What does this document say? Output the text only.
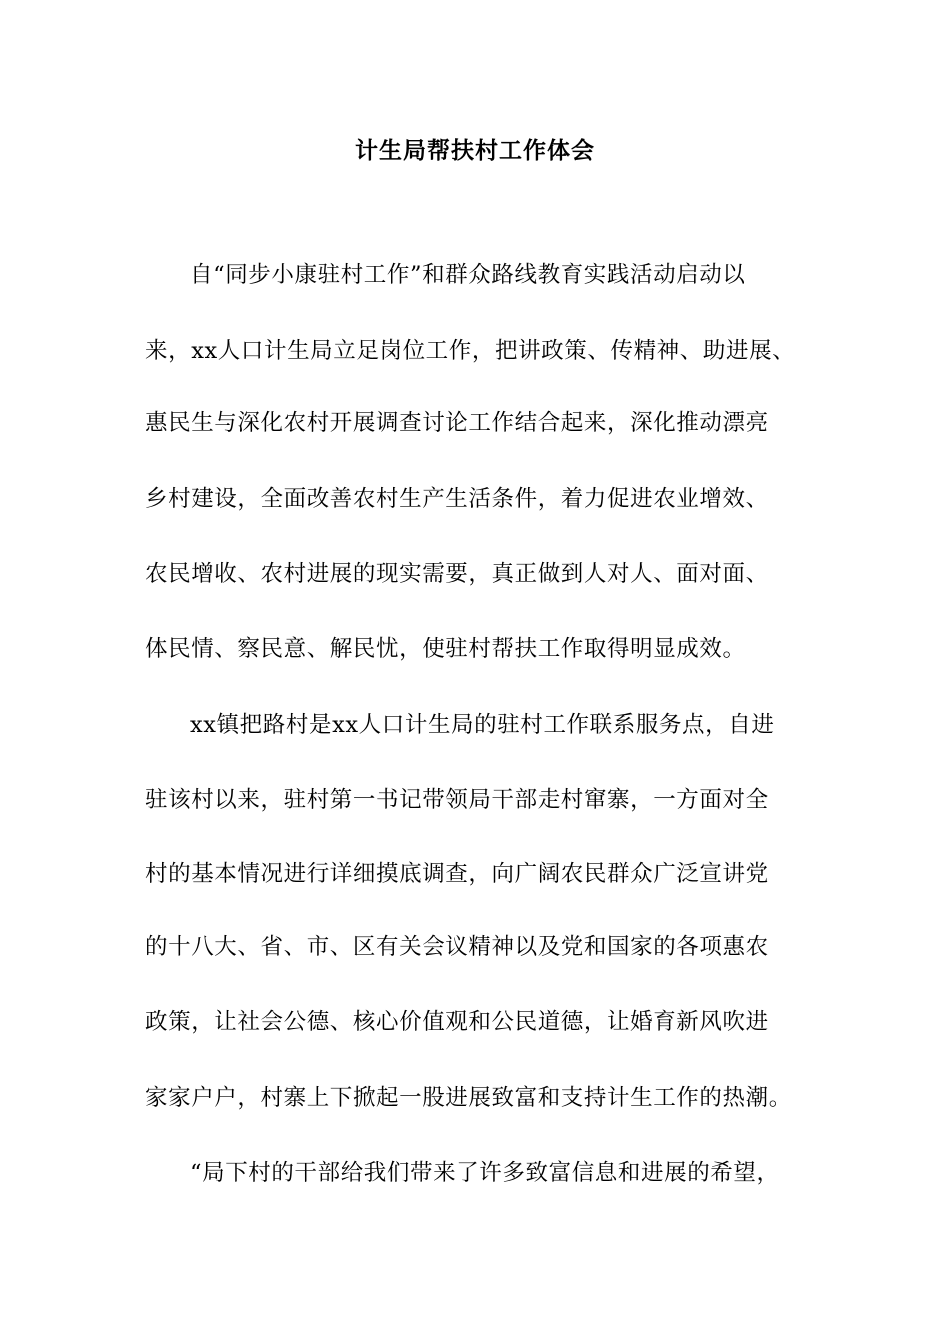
计生局帮扶村工作体会
自“同步小康驻村工作”和群众路线教育实践活动启动以
来，xx人口计生局立足岗位工作，把讲政策、传精神、助进展、
惠民生与深化农村开展调查讨论工作结合起来，深化推动漂亮
乡村建设，全面改善农村生产生活条件，着力促进农业增效、
农民增收、农村进展的现实需要，真正做到人对人、面对面、
体民情、察民意、解民忧，使驻村帮扶工作取得明显成效。
xx镇把路村是xx人口计生局的驻村工作联系服务点，自进
驻该村以来，驻村第一书记带领局干部走村窜寨，一方面对全
村的基本情况进行详细摸底调查，向广阔农民群众广泛宣讲党
的十八大、省、市、区有关会议精神以及党和国家的各项惠农
政策，让社会公德、核心价值观和公民道德，让婚育新风吹进
家家户户，村寨上下掀起一股进展致富和支持计生工作的热潮。
“局下村的干部给我们带来了许多致富信息和进展的希望，
